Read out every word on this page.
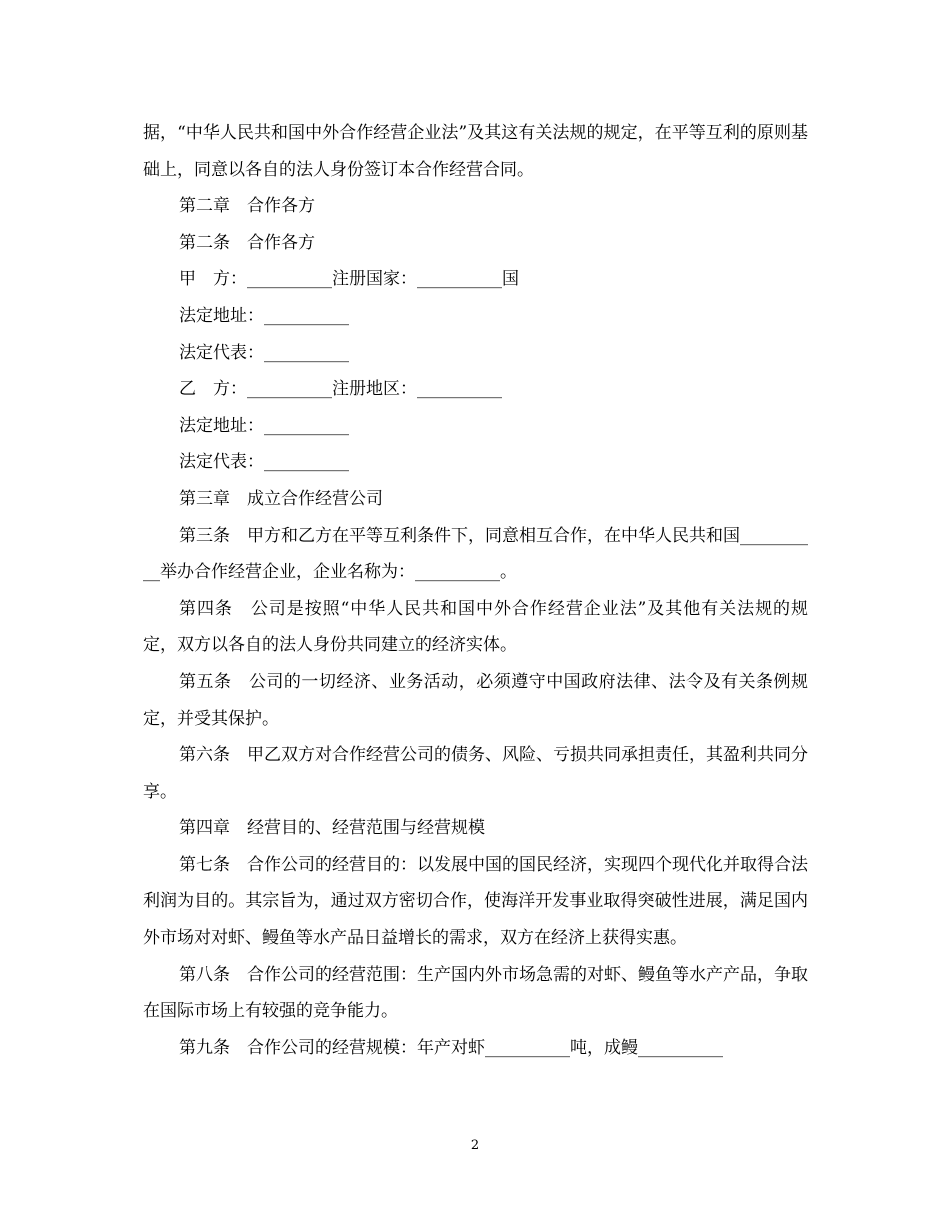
据，“中华人民共和国中外合作经营企业法”及其这有关法规的规定，在平等互利的原则基础上，同意以各自的法人身份签订本合作经营合同。

第二章　合作各方

第二条　合作各方

甲　方：__________注册国家：__________国

法定地址：__________

法定代表：__________

乙　方：__________注册地区：__________

法定地址：__________

法定代表：__________

第三章　成立合作经营公司

第三条　甲方和乙方在平等互利条件下，同意相互合作，在中华人民共和国__________举办合作经营企业，企业名称为：__________。

第四条　公司是按照“中华人民共和国中外合作经营企业法”及其他有关法规的规定，双方以各自的法人身份共同建立的经济实体。

第五条　公司的一切经济、业务活动，必须遵守中国政府法律、法令及有关条例规定，并受其保护。

第六条　甲乙双方对合作经营公司的债务、风险、亏损共同承担责任，其盈利共同分享。

第四章　经营目的、经营范围与经营规模

第七条　合作公司的经营目的：以发展中国的国民经济，实现四个现代化并取得合法利润为目的。其宗旨为，通过双方密切合作，使海洋开发事业取得突破性进展，满足国内外市场对对虾、鳗鱼等水产品日益增长的需求，双方在经济上获得实惠。

第八条　合作公司的经营范围：生产国内外市场急需的对虾、鳗鱼等水产产品，争取在国际市场上有较强的竞争能力。

第九条　合作公司的经营规模：年产对虾__________吨，成鳗__________

2
